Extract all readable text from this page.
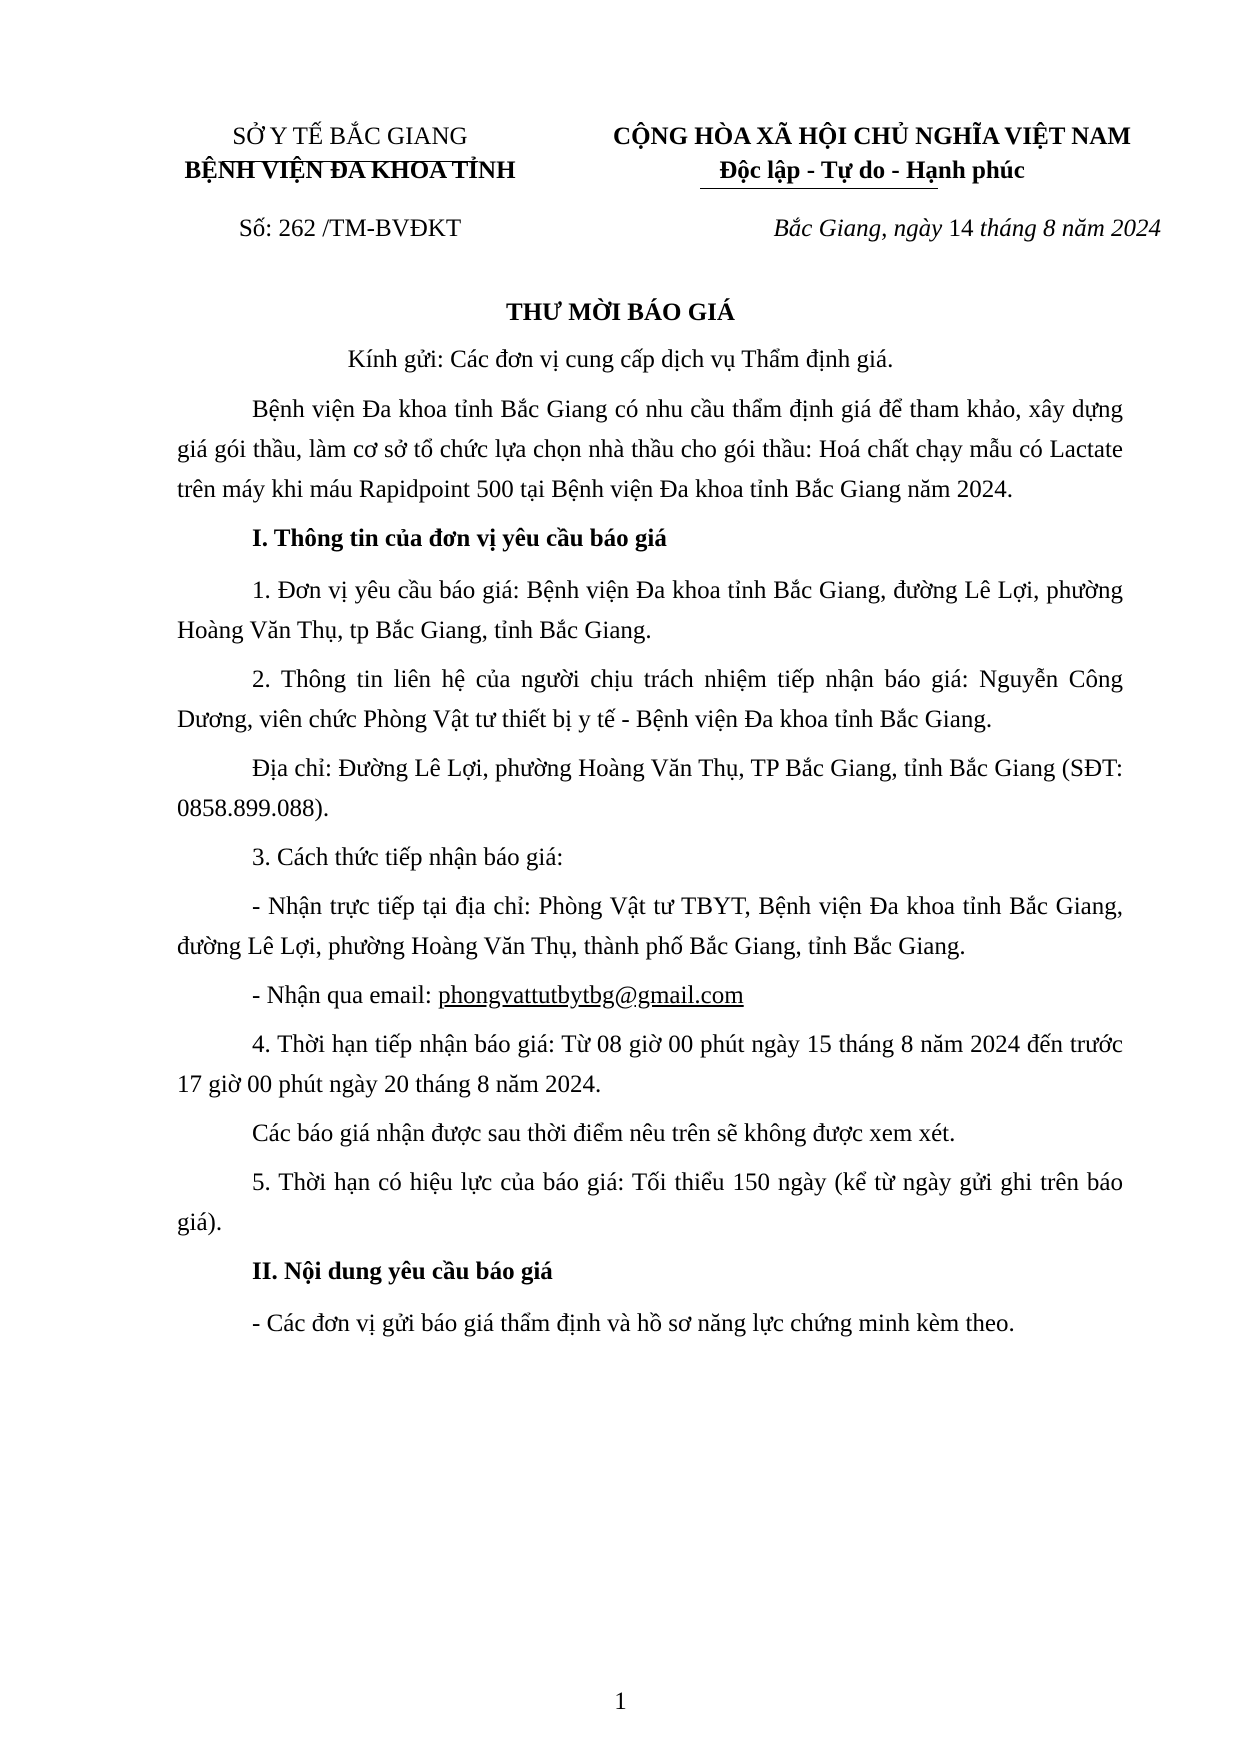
SỞ Y TẾ BẮC GIANG
BỆNH VIỆN ĐA KHOA TỈNH
CỘNG HÒA XÃ HỘI CHỦ NGHĨA VIỆT NAM
Độc lập - Tự do - Hạnh phúc
Số: 262 /TM-BVĐKT	Bắc Giang, ngày 14 tháng 8 năm 2024
THƯ MỜI BÁO GIÁ
Kính gửi: Các đơn vị cung cấp dịch vụ Thẩm định giá.

Bệnh viện Đa khoa tỉnh Bắc Giang có nhu cầu thẩm định giá để tham khảo, xây dựng giá gói thầu, làm cơ sở tổ chức lựa chọn nhà thầu cho gói thầu: Hoá chất chạy mẫu có Lactate trên máy khi máu Rapidpoint 500 tại Bệnh viện Đa khoa tỉnh Bắc Giang năm 2024.

I. Thông tin của đơn vị yêu cầu báo giá

1. Đơn vị yêu cầu báo giá: Bệnh viện Đa khoa tỉnh Bắc Giang, đường Lê Lợi, phường Hoàng Văn Thụ, tp Bắc Giang, tỉnh Bắc Giang.

2. Thông tin liên hệ của người chịu trách nhiệm tiếp nhận báo giá: Nguyễn Công Dương, viên chức Phòng Vật tư thiết bị y tế - Bệnh viện Đa khoa tỉnh Bắc Giang.

Địa chỉ: Đường Lê Lợi, phường Hoàng Văn Thụ, TP Bắc Giang, tỉnh Bắc Giang (SĐT: 0858.899.088).

3. Cách thức tiếp nhận báo giá:

- Nhận trực tiếp tại địa chỉ: Phòng Vật tư TBYT, Bệnh viện Đa khoa tỉnh Bắc Giang, đường Lê Lợi, phường Hoàng Văn Thụ, thành phố Bắc Giang, tỉnh Bắc Giang.

- Nhận qua email: phongvattutbytbg@gmail.com

4. Thời hạn tiếp nhận báo giá: Từ 08 giờ 00 phút ngày 15 tháng 8 năm 2024 đến trước 17 giờ 00 phút ngày 20 tháng 8 năm 2024.

Các báo giá nhận được sau thời điểm nêu trên sẽ không được xem xét.

5. Thời hạn có hiệu lực của báo giá: Tối thiểu 150 ngày (kể từ ngày gửi ghi trên báo giá).

II. Nội dung yêu cầu báo giá

- Các đơn vị gửi báo giá thẩm định và hồ sơ năng lực chứng minh kèm theo.

1
